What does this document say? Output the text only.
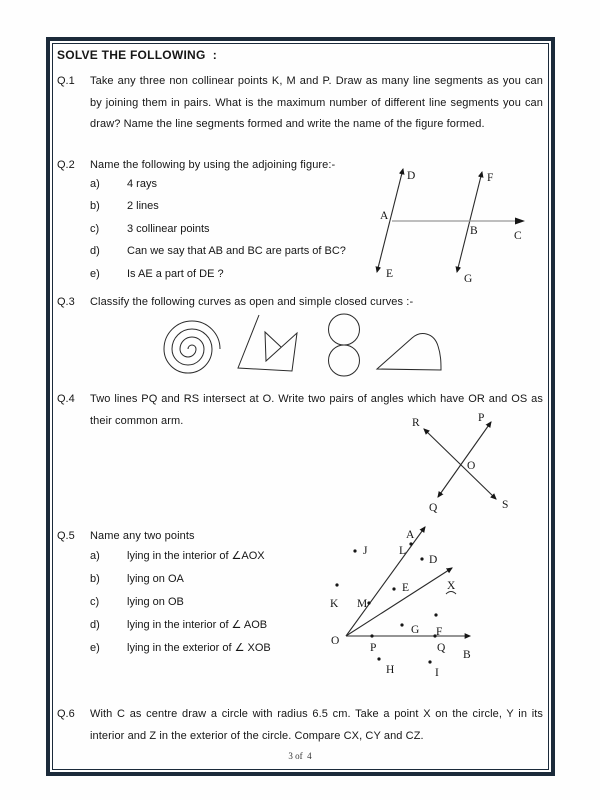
SOLVE THE FOLLOWING  :
Q.1 Take any three non collinear points K, M and P. Draw as many line segments as you can by joining them in pairs. What is the maximum number of different line segments you can draw? Name the line segments formed and write the name of the figure formed.
Q.2 Name the following by using the adjoining figure:-
a) 4 rays
b) 2 lines
c)	3 collinear points
d) Can we say that AB and BC are parts of BC?
e) Is AE a part of DE ?
D	F
A
B	C
E	G
Q.3 Classify the following curves as open and simple closed curves :-
Q.4 Two lines PQ and RS intersect at O. Write two pairs of angles which have OR and OS as their common arm.	R	P
O
Q	S
Q.5 Name any two points
a) lying in the interior of ∠AOX
b) lying on OA
c)	lying on OB
d) lying in the interior of ∠ AOB
e) lying in the exterior of ∠ XOB
A
J	L
D
X
E
K M
G F
O
P	Q
B
H	I
Q.6 With C as centre draw a circle with radius 6.5 cm. Take a point X on the circle, Y in its interior and Z in the exterior of the circle. Compare CX, CY and CZ.
3 of  4
